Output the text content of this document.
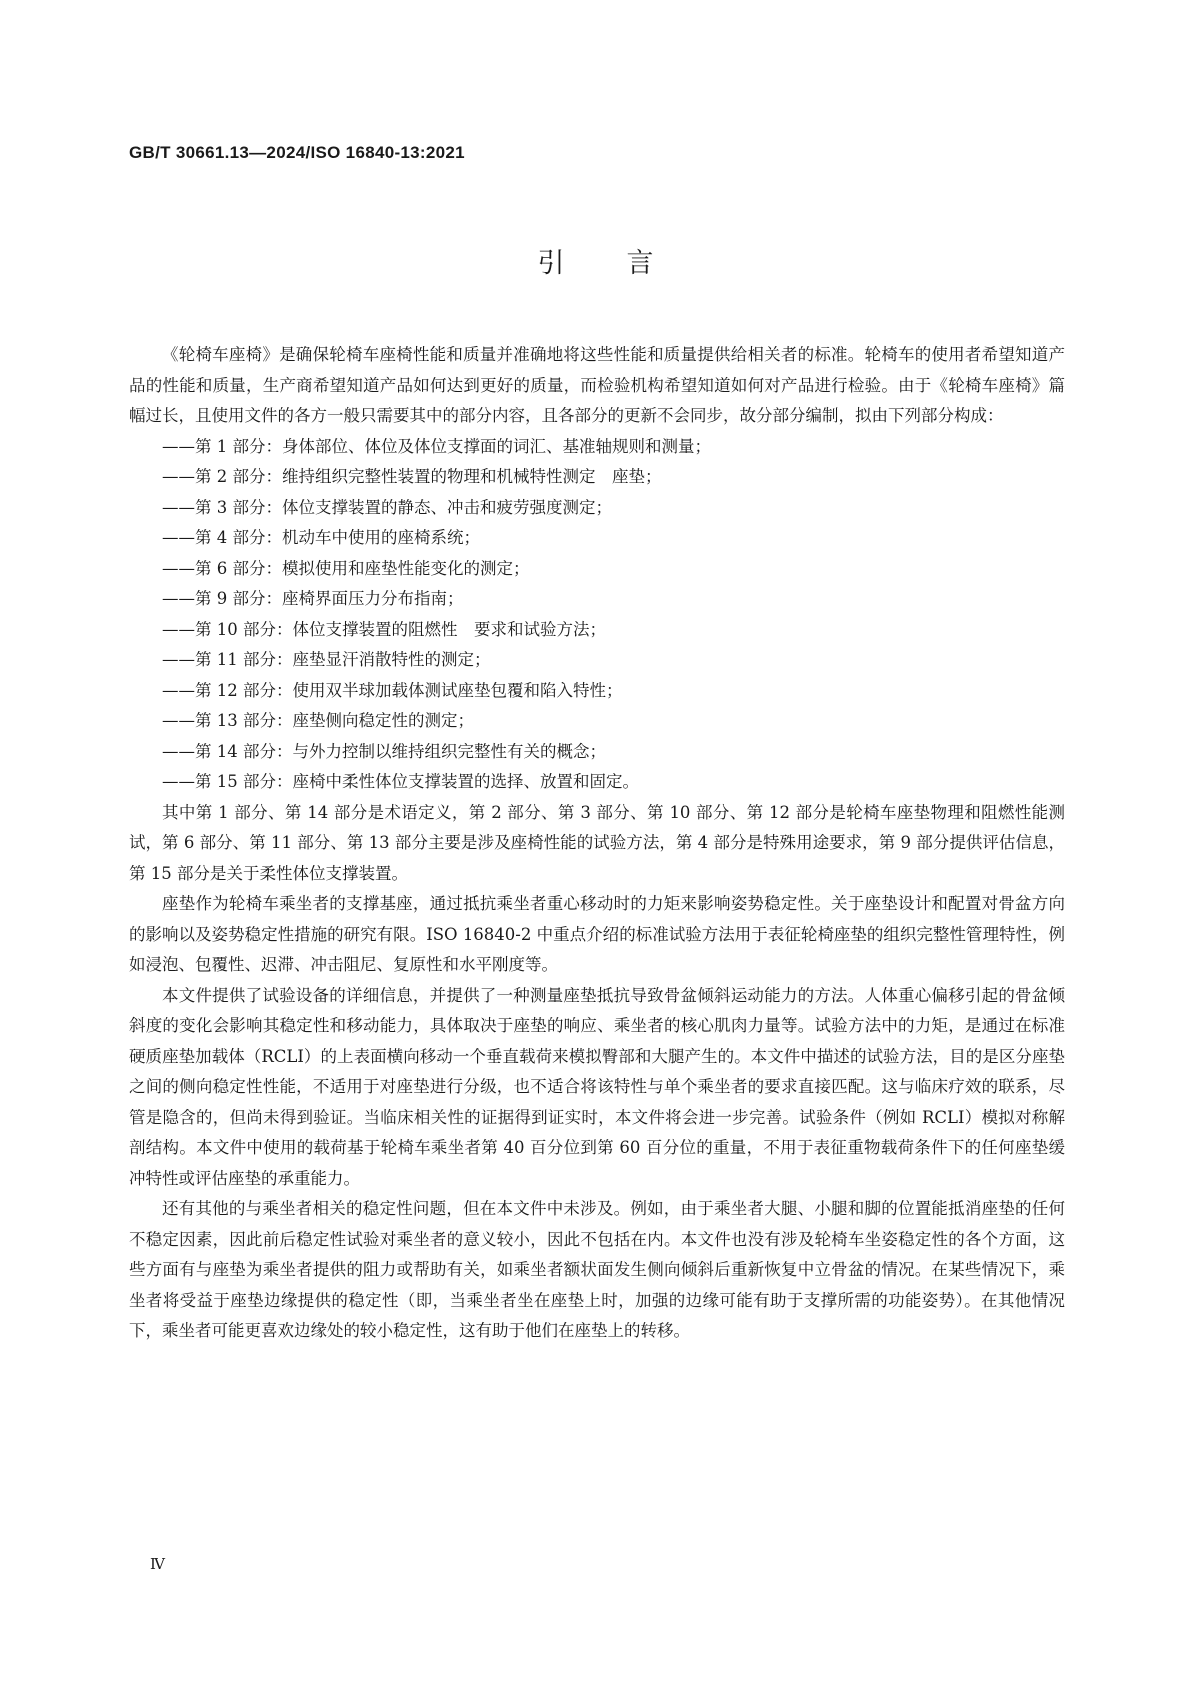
GB/T 30661.13—2024/ISO 16840-13:2021
引言

《轮椅车座椅》是确保轮椅车座椅性能和质量并准确地将这些性能和质量提供给相关者的标准。轮椅车的使用者希望知道产品的性能和质量，生产商希望知道产品如何达到更好的质量，而检验机构希望知道如何对产品进行检验。由于《轮椅车座椅》篇幅过长，且使用文件的各方一般只需要其中的部分内容，且各部分的更新不会同步，故分部分编制，拟由下列部分构成：

——第 1 部分：身体部位、体位及体位支撑面的词汇、基准轴规则和测量；
——第 2 部分：维持组织完整性装置的物理和机械特性测定　座垫；
——第 3 部分：体位支撑装置的静态、冲击和疲劳强度测定；
——第 4 部分：机动车中使用的座椅系统；
——第 6 部分：模拟使用和座垫性能变化的测定；
——第 9 部分：座椅界面压力分布指南；
——第 10 部分：体位支撑装置的阻燃性　要求和试验方法；
——第 11 部分：座垫显汗消散特性的测定；
——第 12 部分：使用双半球加载体测试座垫包覆和陷入特性；
——第 13 部分：座垫侧向稳定性的测定；
——第 14 部分：与外力控制以维持组织完整性有关的概念；
——第 15 部分：座椅中柔性体位支撑装置的选择、放置和固定。

其中第 1 部分、第 14 部分是术语定义，第 2 部分、第 3 部分、第 10 部分、第 12 部分是轮椅车座垫物理和阻燃性能测试，第 6 部分、第 11 部分、第 13 部分主要是涉及座椅性能的试验方法，第 4 部分是特殊用途要求，第 9 部分提供评估信息，第 15 部分是关于柔性体位支撑装置。

座垫作为轮椅车乘坐者的支撑基座，通过抵抗乘坐者重心移动时的力矩来影响姿势稳定性。关于座垫设计和配置对骨盆方向的影响以及姿势稳定性措施的研究有限。ISO 16840-2 中重点介绍的标准试验方法用于表征轮椅座垫的组织完整性管理特性，例如浸泡、包覆性、迟滞、冲击阻尼、复原性和水平刚度等。

本文件提供了试验设备的详细信息，并提供了一种测量座垫抵抗导致骨盆倾斜运动能力的方法。人体重心偏移引起的骨盆倾斜度的变化会影响其稳定性和移动能力，具体取决于座垫的响应、乘坐者的核心肌肉力量等。试验方法中的力矩，是通过在标准硬质座垫加载体（RCLI）的上表面横向移动一个垂直载荷来模拟臀部和大腿产生的。本文件中描述的试验方法，目的是区分座垫之间的侧向稳定性性能，不适用于对座垫进行分级，也不适合将该特性与单个乘坐者的要求直接匹配。这与临床疗效的联系，尽管是隐含的，但尚未得到验证。当临床相关性的证据得到证实时，本文件将会进一步完善。试验条件（例如 RCLI）模拟对称解剖结构。本文件中使用的载荷基于轮椅车乘坐者第 40 百分位到第 60 百分位的重量，不用于表征重物载荷条件下的任何座垫缓冲特性或评估座垫的承重能力。

还有其他的与乘坐者相关的稳定性问题，但在本文件中未涉及。例如，由于乘坐者大腿、小腿和脚的位置能抵消座垫的任何不稳定因素，因此前后稳定性试验对乘坐者的意义较小，因此不包括在内。本文件也没有涉及轮椅车坐姿稳定性的各个方面，这些方面有与座垫为乘坐者提供的阻力或帮助有关，如乘坐者额状面发生侧向倾斜后重新恢复中立骨盆的情况。在某些情况下，乘坐者将受益于座垫边缘提供的稳定性（即，当乘坐者坐在座垫上时，加强的边缘可能有助于支撑所需的功能姿势）。在其他情况下，乘坐者可能更喜欢边缘处的较小稳定性，这有助于他们在座垫上的转移。

Ⅳ
